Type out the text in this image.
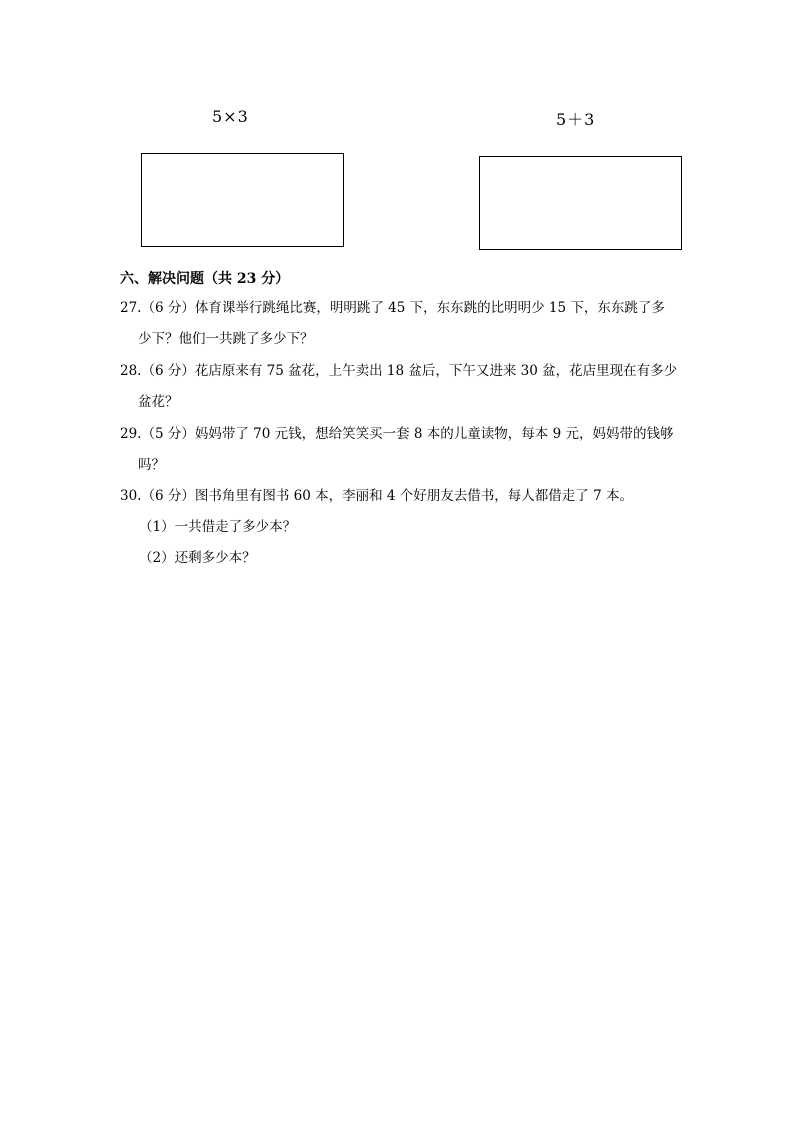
5×3	5＋3
六、解决问题（共 23 分）
27.（6 分）体育课举行跳绳比赛，明明跳了 45 下，东东跳的比明明少 15 下，东东跳了多
少下？他们一共跳了多少下？
28.（6 分）花店原来有 75 盆花，上午卖出 18 盆后，下午又进来 30 盆，花店里现在有多少
盆花？
29.（5 分）妈妈带了 70 元钱，想给笑笑买一套 8 本的儿童读物，每本 9 元，妈妈带的钱够
吗？
30.（6 分）图书角里有图书 60 本，李丽和 4 个好朋友去借书，每人都借走了 7 本。
（1）一共借走了多少本？
（2）还剩多少本？
